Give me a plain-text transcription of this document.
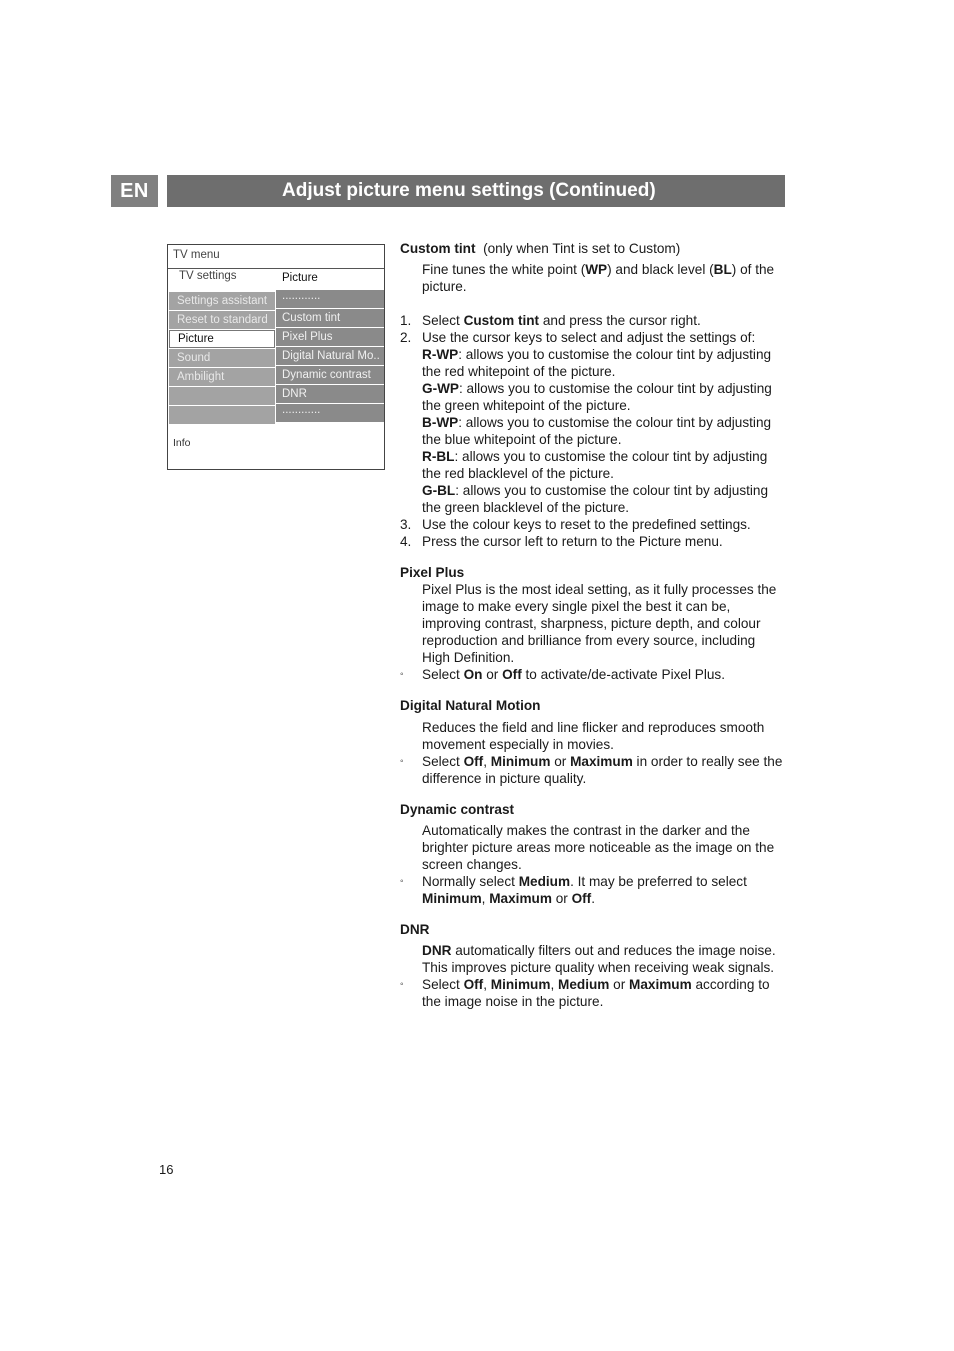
EN	Adjust picture menu settings (Continued)
TV menu
TV settings	Picture
Settings assistant
Reset to standard
Picture
Sound
Ambilight
............
Custom tint
Pixel Plus
Digital Natural Mo..
Dynamic contrast
DNR
............
Info

Custom tint (only when Tint is set to Custom)

Fine tunes the white point (WP) and black level (BL) of the picture.

1. Select Custom tint and press the cursor right.
2. Use the cursor keys to select and adjust the settings of:
R-WP: allows you to customise the colour tint by adjusting the red whitepoint of the picture.
G-WP: allows you to customise the colour tint by adjusting the green whitepoint of the picture.
B-WP: allows you to customise the colour tint by adjusting the blue whitepoint of the picture.
R-BL: allows you to customise the colour tint by adjusting the red blacklevel of the picture.
G-BL: allows you to customise the colour tint by adjusting the green blacklevel of the picture.
3. Use the colour keys to reset to the predefined settings.
4. Press the cursor left to return to the Picture menu.
Pixel Plus

Pixel Plus is the most ideal setting, as it fully processes the image to make every single pixel the best it can be, improving contrast, sharpness, picture depth, and colour reproduction and brilliance from every source, including High Definition.

◦ Select On or Off to activate/de-activate Pixel Plus.
Digital Natural Motion

Reduces the field and line flicker and reproduces smooth movement especially in movies.

◦ Select Off, Minimum or Maximum in order to really see the difference in picture quality.
Dynamic contrast

Automatically makes the contrast in the darker and the brighter picture areas more noticeable as the image on the screen changes.

◦ Normally select Medium. It may be preferred to select Minimum, Maximum or Off.
DNR

DNR automatically filters out and reduces the image noise. This improves picture quality when receiving weak signals.

◦ Select Off, Minimum, Medium or Maximum according to the image noise in the picture.
16
